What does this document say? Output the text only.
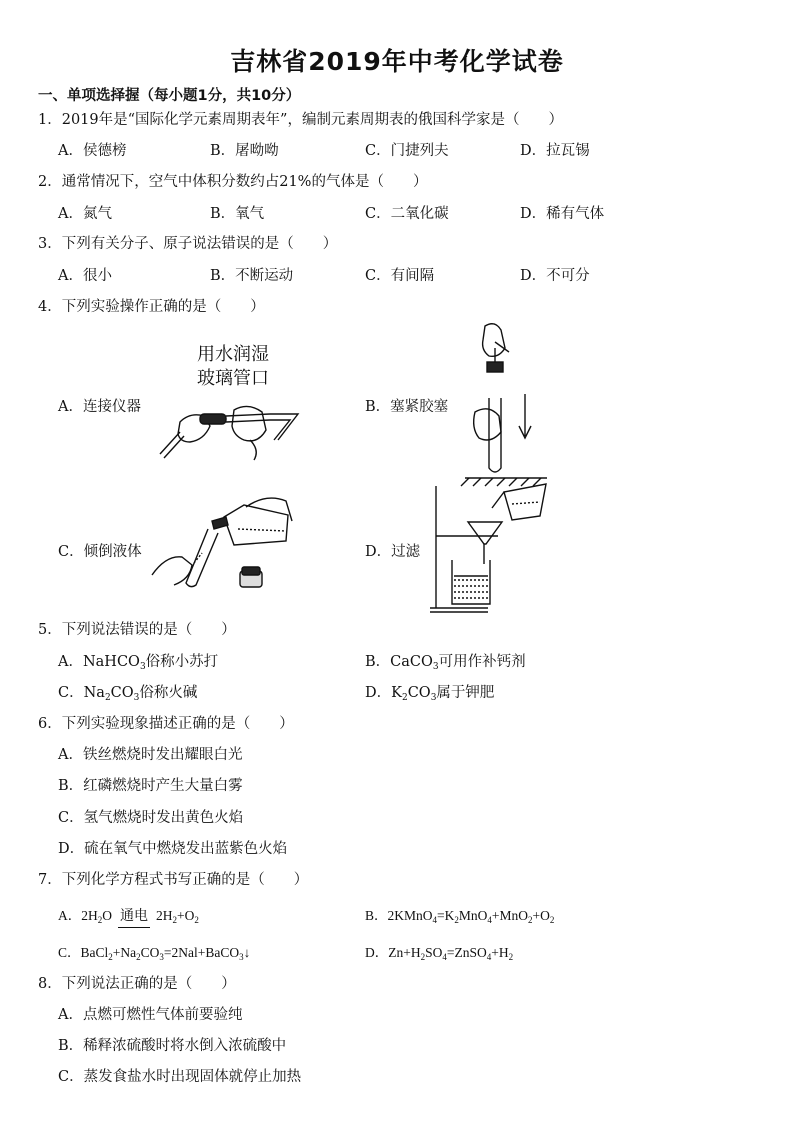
吉林省2019年中考化学试卷
一、单项选择握（每小题1分，共10分）
1．2019年是“国际化学元素周期表年”，编制元素周期表的俄国科学家是（　　）
A．侯德榜	B．屠呦呦	C．门捷列夫	D．拉瓦锡
2．通常情况下，空气中体积分数约占21%的气体是（　　）
A．氮气	B．氧气	C．二氧化碳	D．稀有气体
3．下列有关分子、原子说法错误的是（　　）
A．很小	B．不断运动	C．有间隔	D．不可分
4．下列实验操作正确的是（　　）
A．连接仪器
用水润湿
玻璃管口
B．塞紧胶塞
C．倾倒液体	D．过滤
5．下列说法错误的是（　　）
A．NaHCO$_3$俗称小苏打	B．CaCO$_3$可用作补钙剂
C．$Na_2CO_3$俗称火碱	D．$K_2CO_3$属于钾肥
6．下列实验现象描述正确的是（　　）
A．铁丝燃烧时发出耀眼白光
B．红磷燃烧时产生大量白雾
C．氢气燃烧时发出黄色火焰
D．硫在氧气中燃烧发出蓝紫色火焰
7．下列化学方程式书写正确的是（　　）
A．$2H_2O$ 通电 $2H_2+O_2$	B．$2KMnO_4=K_2MnO_4+MnO_2+O_2$
C．$BaCl_2+Na_2CO_3=2Nal+BaCO_3↓$	D．$Zn+H_2SO_4=ZnSO_4+H_2$
8．下列说法正确的是（　　）
A．点燃可燃性气体前要验纯
B．稀释浓硫酸时将水倒入浓硫酸中
C．蒸发食盐水时出现固体就停止加热
